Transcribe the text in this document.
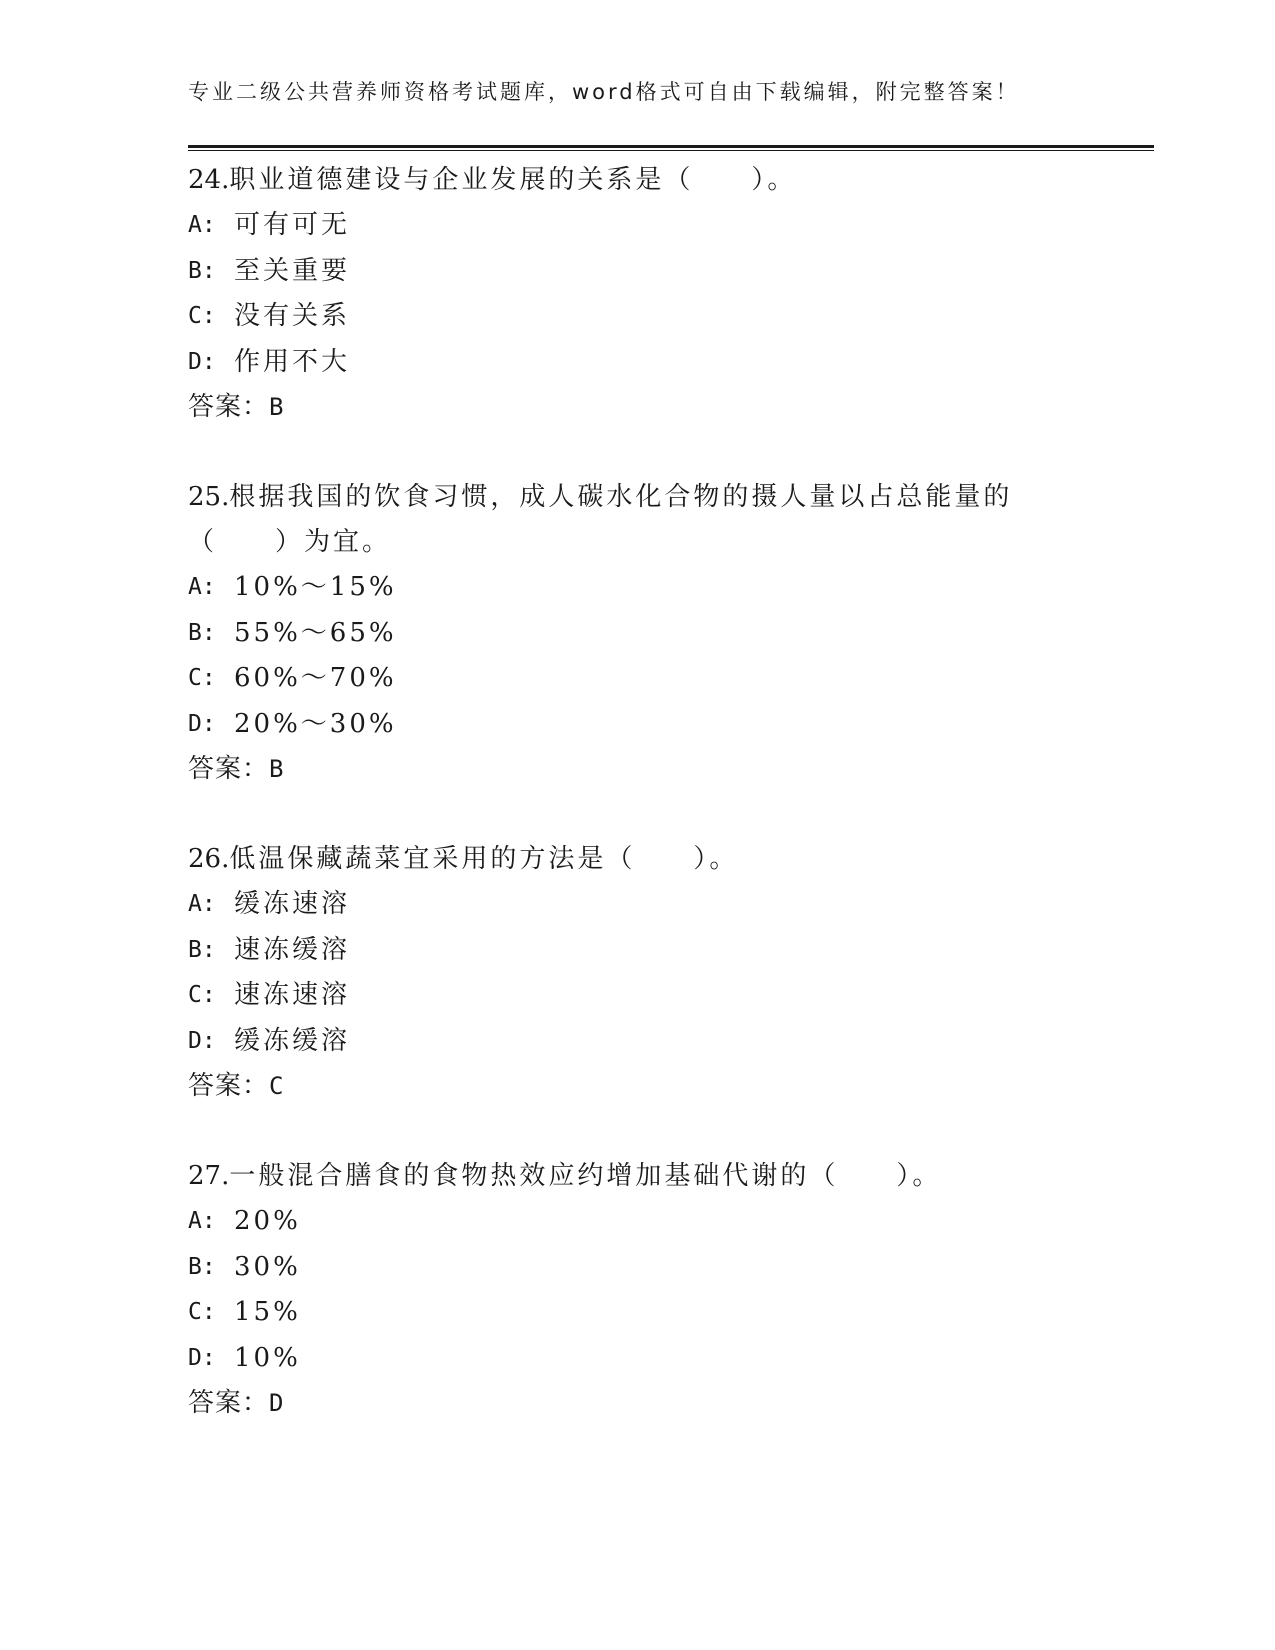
专业二级公共营养师资格考试题库，word格式可自由下载编辑，附完整答案！

24.职业道德建设与企业发展的关系是（　　）。

A: 可有可无
B: 至关重要
C: 没有关系
D: 作用不大
答案：B

25.根据我国的饮食习惯，成人碳水化合物的摄人量以占总能量的（　　）为宜。

A: 10%～15%
B: 55%～65%
C: 60%～70%
D: 20%～30%
答案：B

26.低温保藏蔬菜宜采用的方法是（　　）。

A: 缓冻速溶
B: 速冻缓溶
C: 速冻速溶
D: 缓冻缓溶
答案：C

27.一般混合膳食的食物热效应约增加基础代谢的（　　）。

A: 20%
B: 30%
C: 15%
D: 10%
答案：D
